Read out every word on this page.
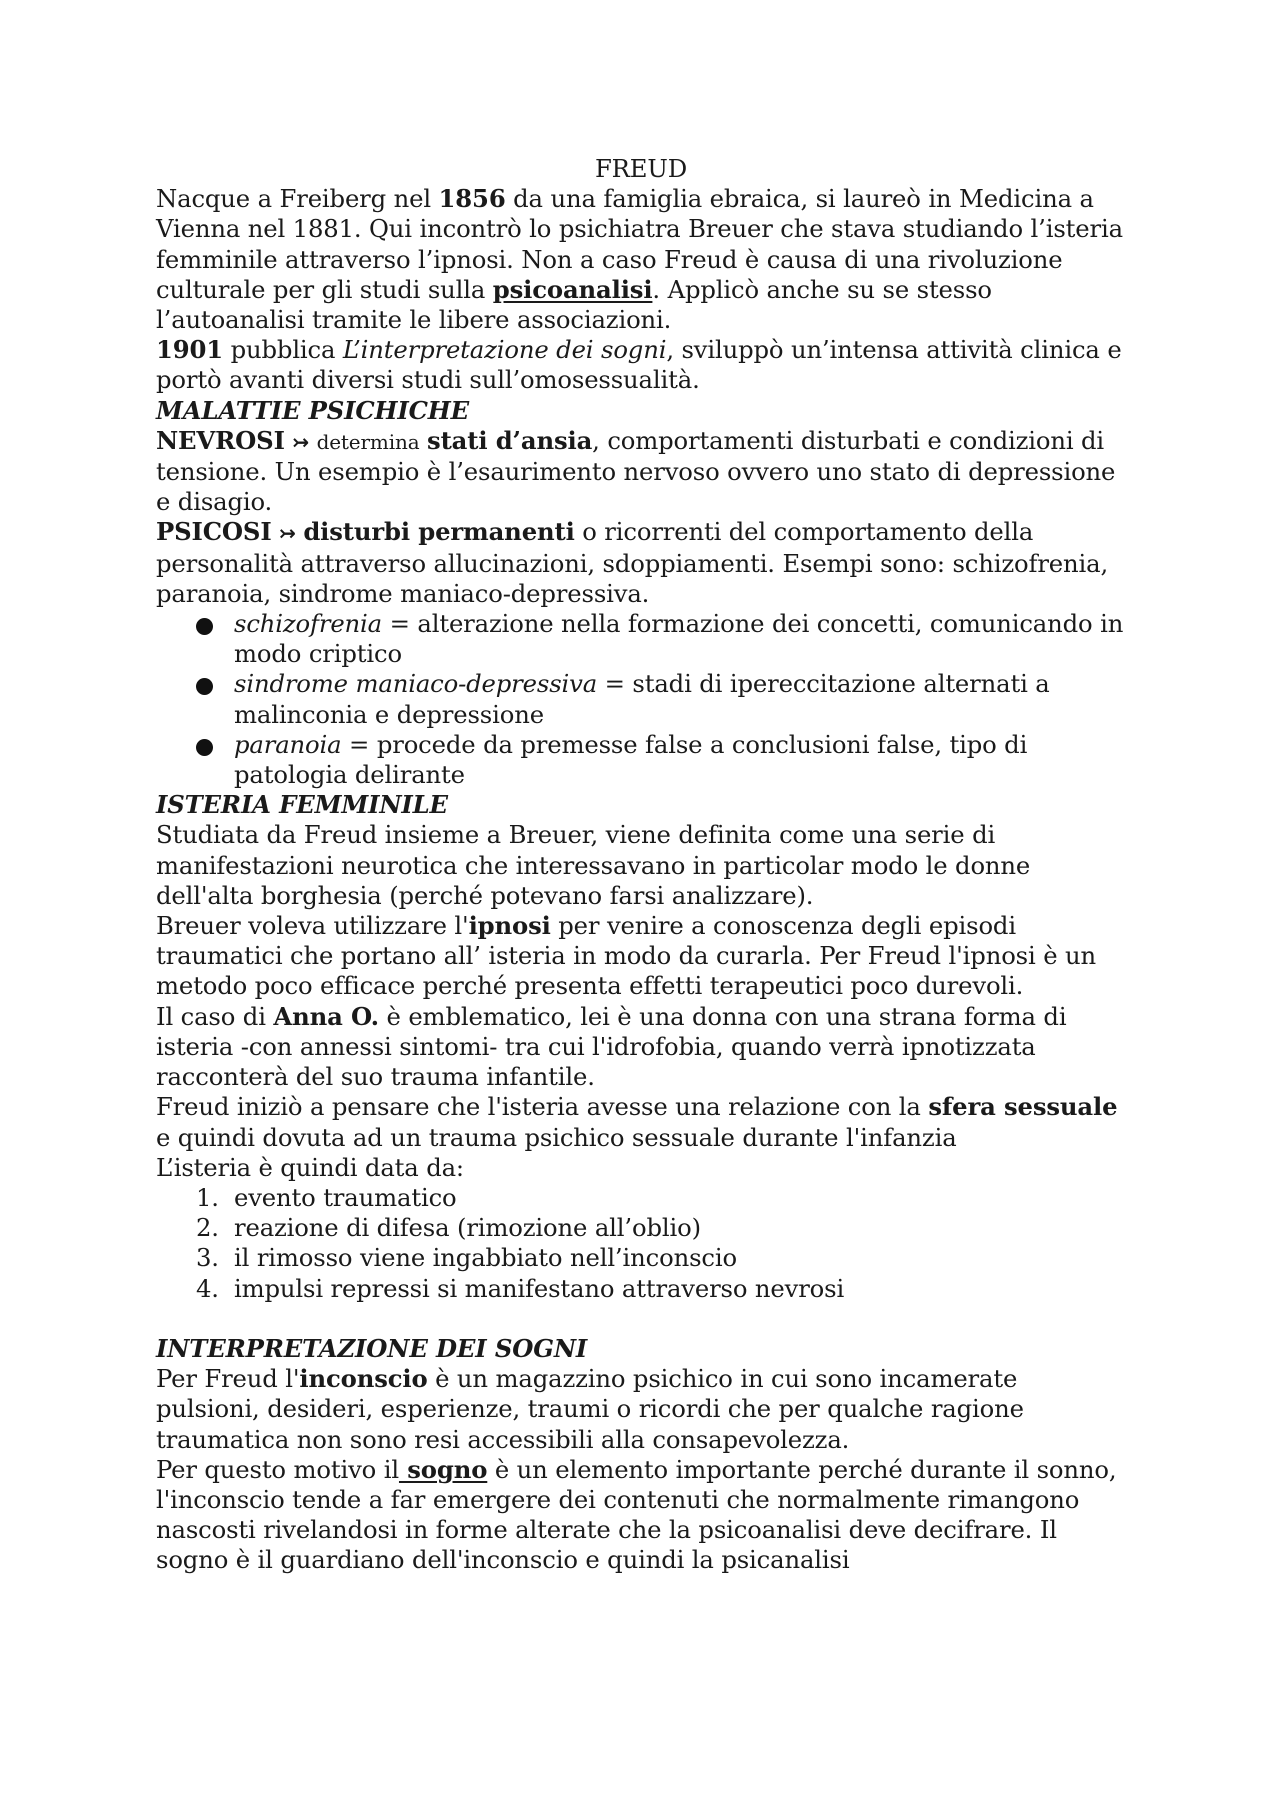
FREUD

Nacque a Freiberg nel 1856 da una famiglia ebraica, si laureò in Medicina a Vienna nel 1881. Qui incontrò lo psichiatra Breuer che stava studiando l’isteria femminile attraverso l’ipnosi. Non a caso Freud è causa di una rivoluzione culturale per gli studi sulla psicoanalisi. Applicò anche su se stesso l’autoanalisi tramite le libere associazioni.

1901 pubblica L’interpretazione dei sogni, sviluppò un’intensa attività clinica e portò avanti diversi studi sull’omosessualità.

MALATTIE PSICHICHE

NEVROSI ↣ determina stati d’ansia, comportamenti disturbati e condizioni di tensione. Un esempio è l’esaurimento nervoso ovvero uno stato di depressione e disagio.

PSICOSI ↣ disturbi permanenti o ricorrenti del comportamento della personalità attraverso allucinazioni, sdoppiamenti. Esempi sono: schizofrenia, paranoia, sindrome maniaco-depressiva.

schizofrenia = alterazione nella formazione dei concetti, comunicando in modo criptico
sindrome maniaco-depressiva = stadi di ipereccitazione alternati a malinconia e depressione
paranoia = procede da premesse false a conclusioni false, tipo di patologia delirante

ISTERIA FEMMINILE

Studiata da Freud insieme a Breuer, viene definita come una serie di manifestazioni neurotica che interessavano in particolar modo le donne dell'alta borghesia (perché potevano farsi analizzare).

Breuer voleva utilizzare l'ipnosi per venire a conoscenza degli episodi traumatici che portano all’ isteria in modo da curarla. Per Freud l'ipnosi è un metodo poco efficace perché presenta effetti terapeutici poco durevoli.

Il caso di Anna O. è emblematico, lei è una donna con una strana forma di isteria -con annessi sintomi- tra cui l'idrofobia, quando verrà ipnotizzata racconterà del suo trauma infantile.

Freud iniziò a pensare che l'isteria avesse una relazione con la sfera sessuale e quindi dovuta ad un trauma psichico sessuale durante l'infanzia

L’isteria è quindi data da:

1. evento traumatico
2. reazione di difesa (rimozione all’oblio)
3. il rimosso viene ingabbiato nell’inconscio
4. impulsi repressi si manifestano attraverso nevrosi

INTERPRETAZIONE DEI SOGNI

Per Freud l'inconscio è un magazzino psichico in cui sono incamerate pulsioni, desideri, esperienze, traumi o ricordi che per qualche ragione traumatica non sono resi accessibili alla consapevolezza.

Per questo motivo il sogno è un elemento importante perché durante il sonno, l'inconscio tende a far emergere dei contenuti che normalmente rimangono nascosti rivelandosi in forme alterate che la psicoanalisi deve decifrare. Il sogno è il guardiano dell'inconscio e quindi la psicanalisi
